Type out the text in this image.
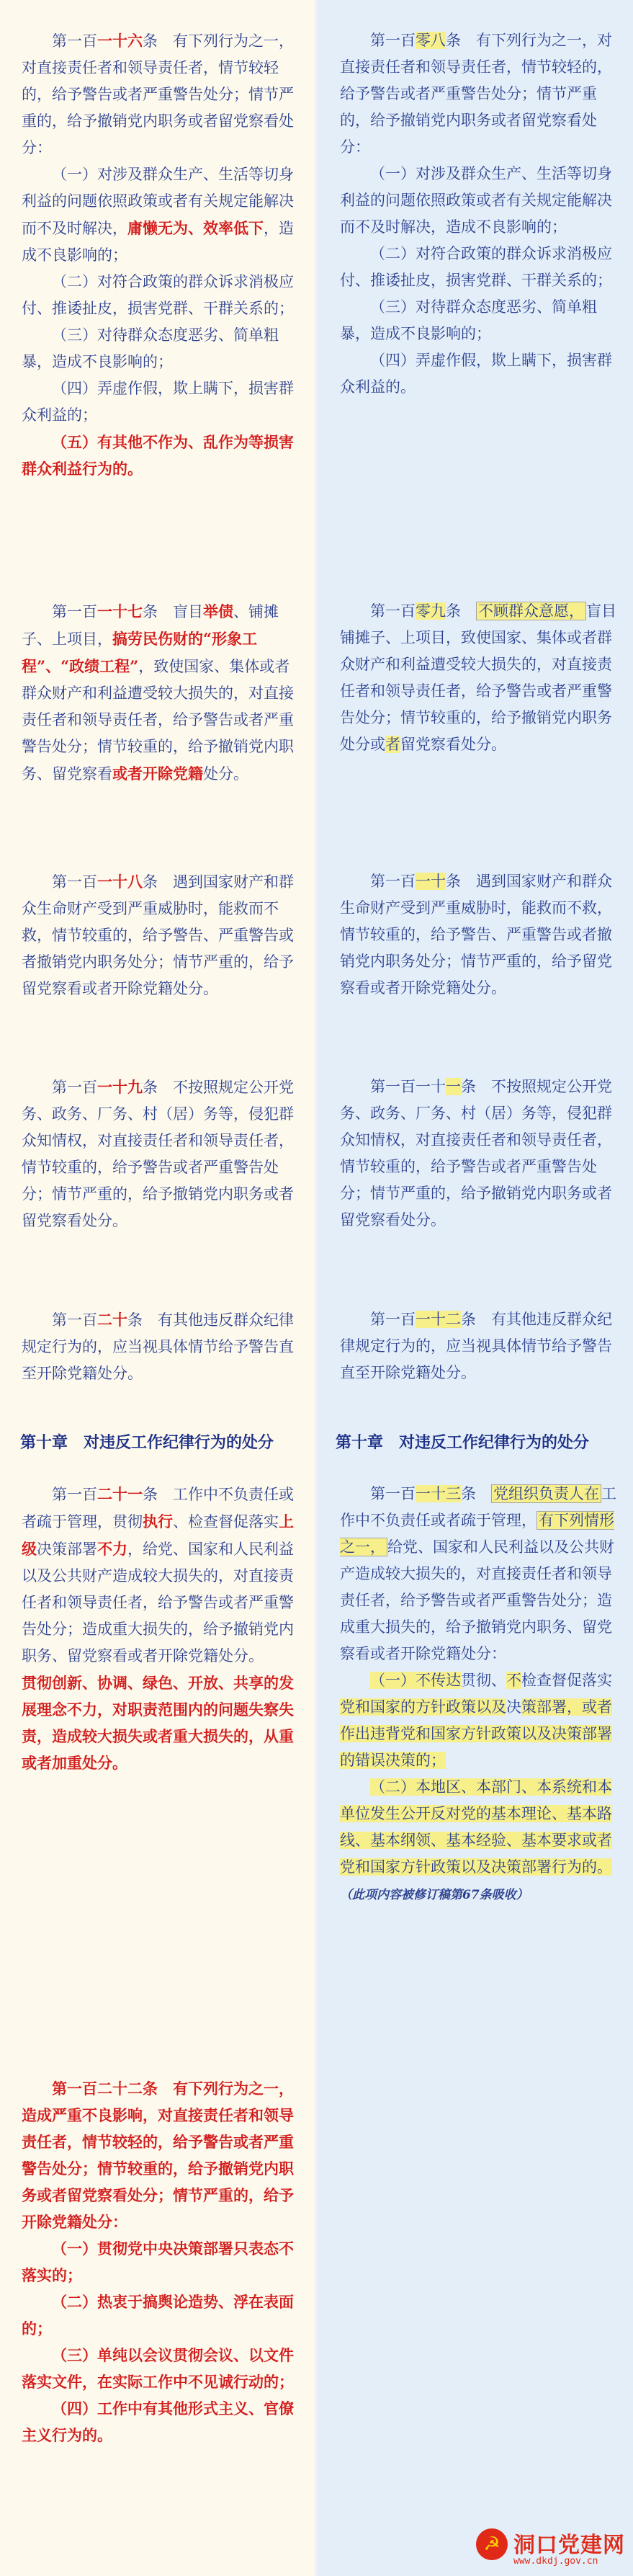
第一百一十六条　 有下列行为之一，对直接责任者和领导责任者，情节较轻的，给予警告或者严重警告处分；情节严重的，给予撤销党内职务或者留党察看处分：

（一）对涉及群众生产、生活等切身利益的问题依照政策或者有关规定能解决而不及时解决，庸懒无为、效率低下，造成不良影响的；

（二）对符合政策的群众诉求消极应付、推诿扯皮，损害党群、干群关系的；

（三）对待群众态度恶劣、简单粗暴，造成不良影响的；

（四）弄虚作假，欺上瞒下，损害群众利益的；

（五）有其他不作为、乱作为等损害群众利益行为的。

第一百一十七条　 盲目举债、铺摊子、上项目，搞劳民伤财的“形象工程”、“政绩工程”，致使国家、集体或者群众财产和利益遭受较大损失的，对直接责任者和领导责任者，给予警告或者严重警告处分；情节较重的，给予撤销党内职务、留党察看或者开除党籍处分。

第一百一十八条　 遇到国家财产和群众生命财产受到严重威胁时，能救而不救，情节较重的，给予警告、严重警告或者撤销党内职务处分；情节严重的，给予留党察看或者开除党籍处分。

第一百一十九条　 不按照规定公开党务、政务、厂务、村（居）务等，侵犯群众知情权，对直接责任者和领导责任者，情节较重的，给予警告或者严重警告处分；情节严重的，给予撤销党内职务或者留党察看处分。

第一百二十条　 有其他违反群众纪律规定行为的，应当视具体情节给予警告直至开除党籍处分。

第十章　对违反工作纪律行为的处分

第一百二十一条　 工作中不负责任或者疏于管理，贯彻执行、检查督促落实上级决策部署不力，给党、国家和人民利益以及公共财产造成较大损失的，对直接责任者和领导责任者，给予警告或者严重警告处分；造成重大损失的，给予撤销党内职务、留党察看或者开除党籍处分。

贯彻创新、协调、绿色、开放、共享的发展理念不力，对职责范围内的问题失察失责，造成较大损失或者重大损失的，从重或者加重处分。

第一百二十二条　有下列行为之一，造成严重不良影响，对直接责任者和领导责任者，情节较轻的，给予警告或者严重警告处分；情节较重的，给予撤销党内职务或者留党察看处分；情节严重的，给予开除党籍处分：

（一）贯彻党中央决策部署只表态不落实的；

（二）热衷于搞舆论造势、浮在表面的；

（三）单纯以会议贯彻会议、以文件落实文件，在实际工作中不见诚行动的；

（四）工作中有其他形式主义、官僚主义行为的。

第一百零八条　 有下列行为之一，对直接责任者和领导责任者，情节较轻的，给予警告或者严重警告处分；情节严重的，给予撤销党内职务或者留党察看处分：

（一）对涉及群众生产、生活等切身利益的问题依照政策或者有关规定能解决而不及时解决，造成不良影响的；

（二）对符合政策的群众诉求消极应付、推诿扯皮，损害党群、干群关系的；

（三）对待群众态度恶劣、简单粗暴，造成不良影响的；

（四）弄虚作假，欺上瞒下，损害群众利益的。

第一百零九条　 不顾群众意愿， 盲目铺摊子、上项目，致使国家、集体或者群众财产和利益遭受较大损失的，对直接责任者和领导责任者，给予警告或者严重警告处分；情节较重的，给予撤销党内职务处分或者留党察看处分。

第一百一十条　 遇到国家财产和群众生命财产受到严重威胁时，能救而不救，情节较重的，给予警告、严重警告或者撤销党内职务处分；情节严重的，给予留党察看或者开除党籍处分。

第一百一十一条　 不按照规定公开党务、政务、厂务、村（居）务等，侵犯群众知情权，对直接责任者和领导责任者，情节较重的，给予警告或者严重警告处分；情节严重的，给予撤销党内职务或者留党察看处分。

第一百一十二条　 有其他违反群众纪律规定行为的，应当视具体情节给予警告直至开除党籍处分。

第十章　对违反工作纪律行为的处分

第一百一十三条　 党组织负责人在 工作中不负责任或者疏于管理， 有下列情形之一， 给党、国家和人民利益以及公共财产造成较大损失的，对直接责任者和领导责任者，给予警告或者严重警告处分；造成重大损失的，给予撤销党内职务、留党察看或者开除党籍处分：

（一）不传达贯彻、不检查督促落实党和国家的方针政策以及决策部署，或者作出违背党和国家方针政策以及决策部署的错误决策的；

（二）本地区、本部门、本系统和本单位发生公开反对党的基本理论、基本路线、基本纲领、基本经验、基本要求或者党和国家方针政策以及决策部署行为的。（此项内容被修订稿第67条吸收）

☭ 洞口党建网
www.dkdj.gov.cn
